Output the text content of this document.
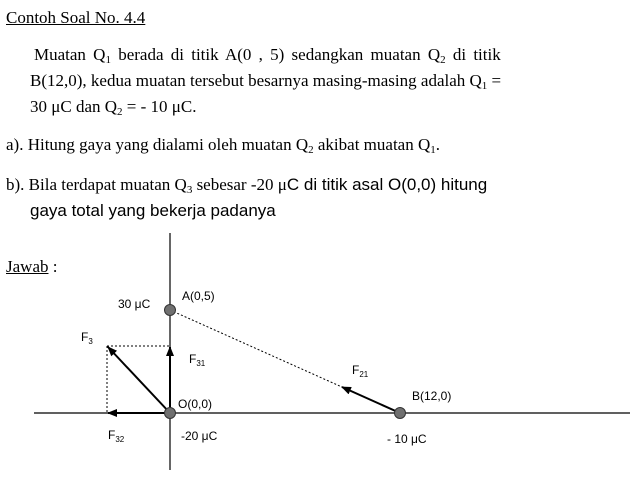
Contoh Soal No. 4.4
Muatan $Q_1$ berada di titik A(0 , 5) sedangkan muatan $Q_2$ di titik
B(12,0), kedua muatan tersebut besarnya masing-masing adalah $Q_1$ =
30 μC dan $Q_2$ = - 10 μC.
a). Hitung gaya yang dialami oleh muatan $Q_2$ akibat muatan $Q_1$.
b). Bila terdapat muatan $Q_3$ sebesar -20 μC di titik asal O(0,0) hitung
gaya total yang bekerja padanya
Jawab :
30 μC
A(0,5)
$F_3$
$F_{31}$	$F_{21}$
O(0,0)
B(12,0)
$F_{32}$	-20 μC	- 10 μC
